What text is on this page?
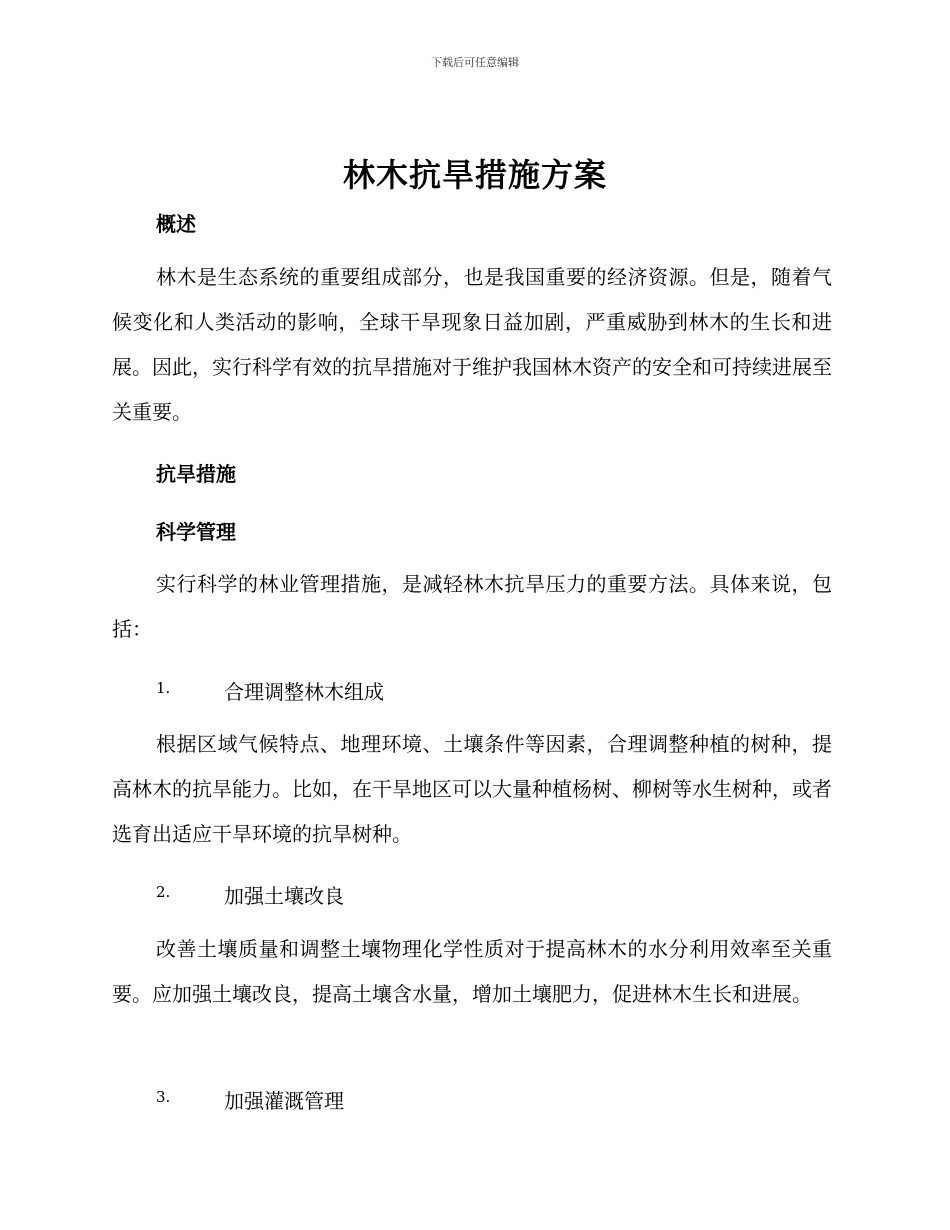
下载后可任意编辑
林木抗旱措施方案
概述
林木是生态系统的重要组成部分，也是我国重要的经济资源。但是，随着气候变化和人类活动的影响，全球干旱现象日益加剧，严重威胁到林木的生长和进展。因此，实行科学有效的抗旱措施对于维护我国林木资产的安全和可持续进展至关重要。
抗旱措施
科学管理
实行科学的林业管理措施，是减轻林木抗旱压力的重要方法。具体来说，包括：
1.	合理调整林木组成
根据区域气候特点、地理环境、土壤条件等因素，合理调整种植的树种，提高林木的抗旱能力。比如，在干旱地区可以大量种植杨树、柳树等水生树种，或者选育出适应干旱环境的抗旱树种。
2.	加强土壤改良
改善土壤质量和调整土壤物理化学性质对于提高林木的水分利用效率至关重要。应加强土壤改良，提高土壤含水量，增加土壤肥力，促进林木生长和进展。
3.	加强灌溉管理
